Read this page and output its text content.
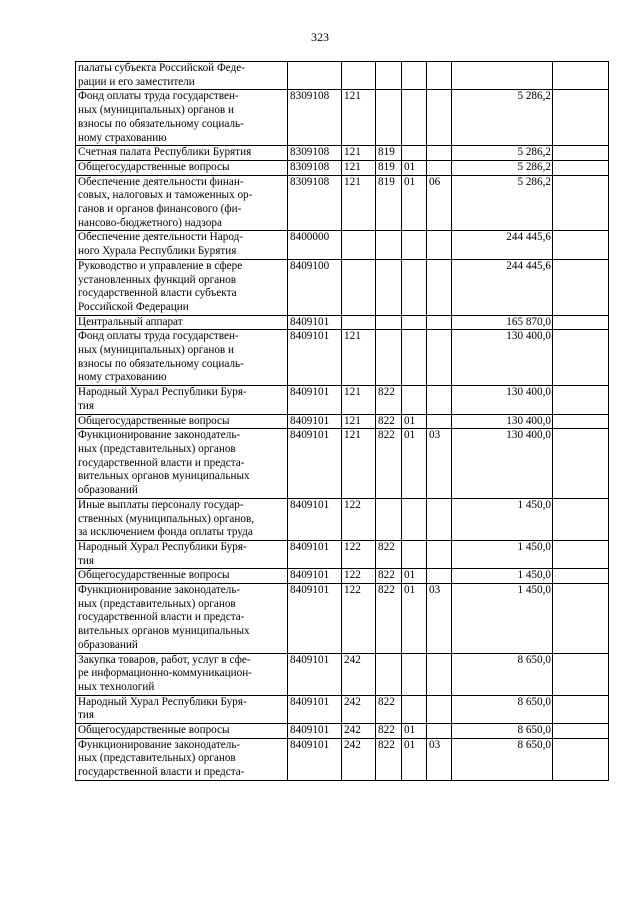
323
палаты субъекта Российской Феде-
рации и его заместители							
Фонд оплаты труда государствен-
ных (муниципальных) органов и
взносы по обязательному социаль-
ному страхованию	8309108	121				5 286,2	
Счетная палата Республики Бурятия	8309108	121	819			5 286,2	
Общегосударственные вопросы	8309108	121	819	01		5 286,2	
Обеспечение деятельности финан-
совых, налоговых и таможенных ор-
ганов и органов финансового (фи-
нансово-бюджетного) надзора	8309108	121	819	01	06	5 286,2	
Обеспечение деятельности Народ-
ного Хурала Республики Бурятия	8400000					244 445,6	
Руководство и управление в сфере
установленных функций органов
государственной власти субъекта
Российской Федерации	8409100					244 445,6	
Центральный аппарат	8409101					165 870,0	
Фонд оплаты труда государствен-
ных (муниципальных) органов и
взносы по обязательному социаль-
ному страхованию	8409101	121				130 400,0	
Народный Хурал Республики Буря-
тия	8409101	121	822			130 400,0	
Общегосударственные вопросы	8409101	121	822	01		130 400,0	
Функционирование законодатель-
ных (представительных) органов
государственной власти и предста-
вительных органов муниципальных
образований	8409101	121	822	01	03	130 400,0	
Иные выплаты персоналу государ-
ственных (муниципальных) органов,
за исключением фонда оплаты труда	8409101	122				1 450,0	
Народный Хурал Республики Буря-
тия	8409101	122	822			1 450,0	
Общегосударственные вопросы	8409101	122	822	01		1 450,0	
Функционирование законодатель-
ных (представительных) органов
государственной власти и предста-
вительных органов муниципальных
образований	8409101	122	822	01	03	1 450,0	
Закупка товаров, работ, услуг в сфе-
ре информационно-коммуникацион-
ных технологий	8409101	242				8 650,0	
Народный Хурал Республики Буря-
тия	8409101	242	822			8 650,0	
Общегосударственные вопросы	8409101	242	822	01		8 650,0	
Функционирование законодатель-
ных (представительных) органов
государственной власти и предста-	8409101	242	822	01	03	8 650,0	
